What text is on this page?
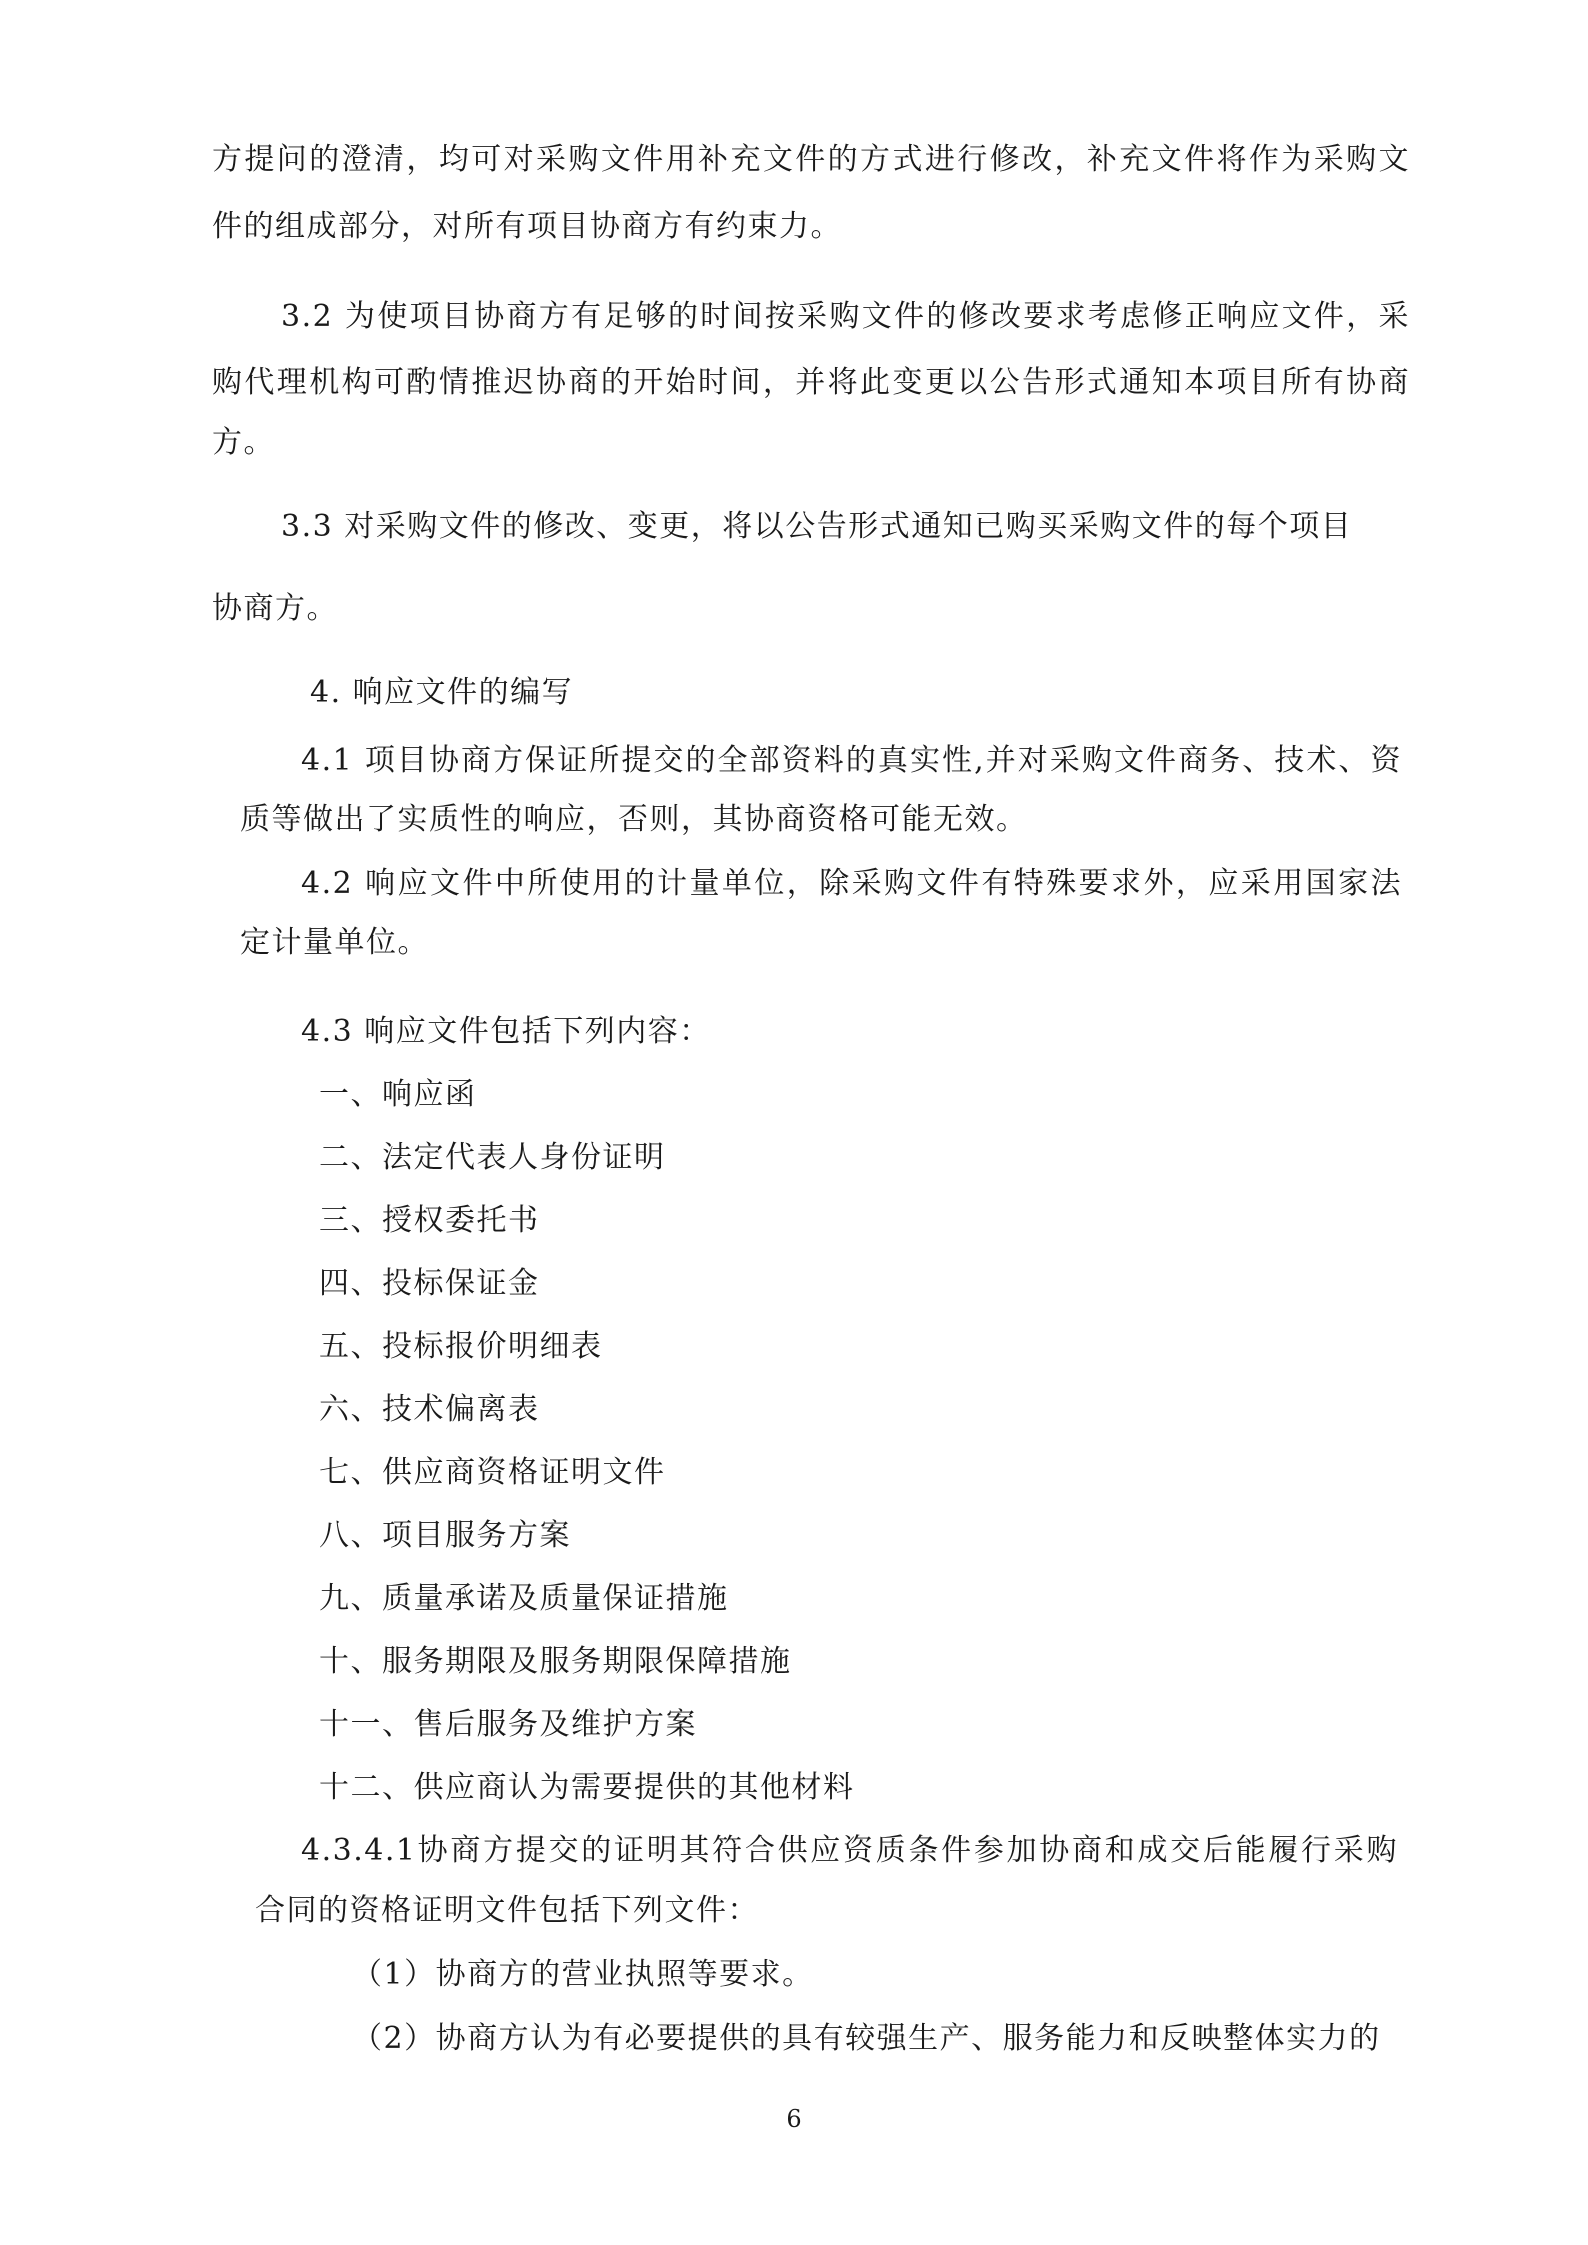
方提问的澄清，均可对采购文件用补充文件的方式进行修改，补充文件将作为采购文
件的组成部分，对所有项目协商方有约束力。
3.2 为使项目协商方有足够的时间按采购文件的修改要求考虑修正响应文件，采
购代理机构可酌情推迟协商的开始时间，并将此变更以公告形式通知本项目所有协商
方。
3.3 对采购文件的修改、变更，将以公告形式通知已购买采购文件的每个项目
协商方。
4. 响应文件的编写
4.1 项目协商方保证所提交的全部资料的真实性,并对采购文件商务、技术、资
质等做出了实质性的响应，否则，其协商资格可能无效。
4.2 响应文件中所使用的计量单位，除采购文件有特殊要求外，应采用国家法
定计量单位。
4.3 响应文件包括下列内容：
一、响应函
二、法定代表人身份证明
三、授权委托书
四、投标保证金
五、投标报价明细表
六、技术偏离表
七、供应商资格证明文件
八、项目服务方案
九、质量承诺及质量保证措施
十、服务期限及服务期限保障措施
十一、售后服务及维护方案
十二、供应商认为需要提供的其他材料
4.3.4.1协商方提交的证明其符合供应资质条件参加协商和成交后能履行采购
合同的资格证明文件包括下列文件：
（1）协商方的营业执照等要求。
（2）协商方认为有必要提供的具有较强生产、服务能力和反映整体实力的
6
